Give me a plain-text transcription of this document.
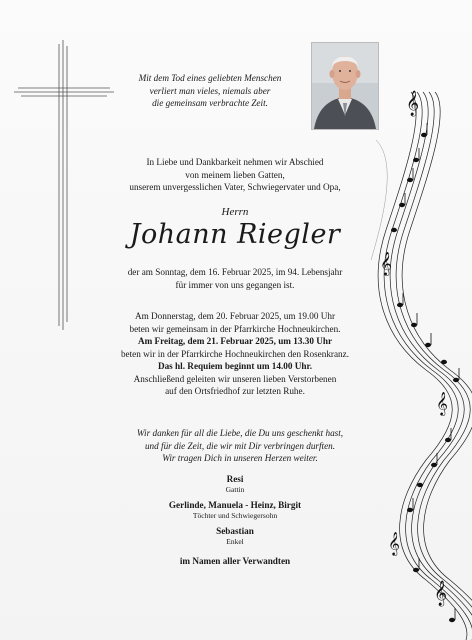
Mit dem Tod eines geliebten Menschen
verliert man vieles, niemals aber
die gemeinsam verbrachte Zeit.	𝄞
𝄞
𝄞
𝄞
𝄞
In Liebe und Dankbarkeit nehmen wir Abschied
von meinem lieben Gatten,
unserem unvergesslichen Vater, Schwiegervater und Opa,
Herrn
Johann Riegler
der am Sonntag, dem 16. Februar 2025, im 94. Lebensjahr
für immer von uns gegangen ist.
Am Donnerstag, dem 20. Februar 2025, um 19.00 Uhr
beten wir gemeinsam in der Pfarrkirche Hochneukirchen.
Am Freitag, dem 21. Februar 2025, um 13.30 Uhr
beten wir in der Pfarrkirche Hochneukirchen den Rosenkranz.
Das hl. Requiem beginnt um 14.00 Uhr.
Anschließend geleiten wir unseren lieben Verstorbenen
auf den Ortsfriedhof zur letzten Ruhe.
Wir danken für all die Liebe, die Du uns geschenkt hast,
und für die Zeit, die wir mit Dir verbringen durften.
Wir tragen Dich in unseren Herzen weiter.
Resi
Gattin
Gerlinde, Manuela - Heinz, Birgit
Töchter und Schwiegersohn
Sebastian
Enkel
im Namen aller Verwandten
